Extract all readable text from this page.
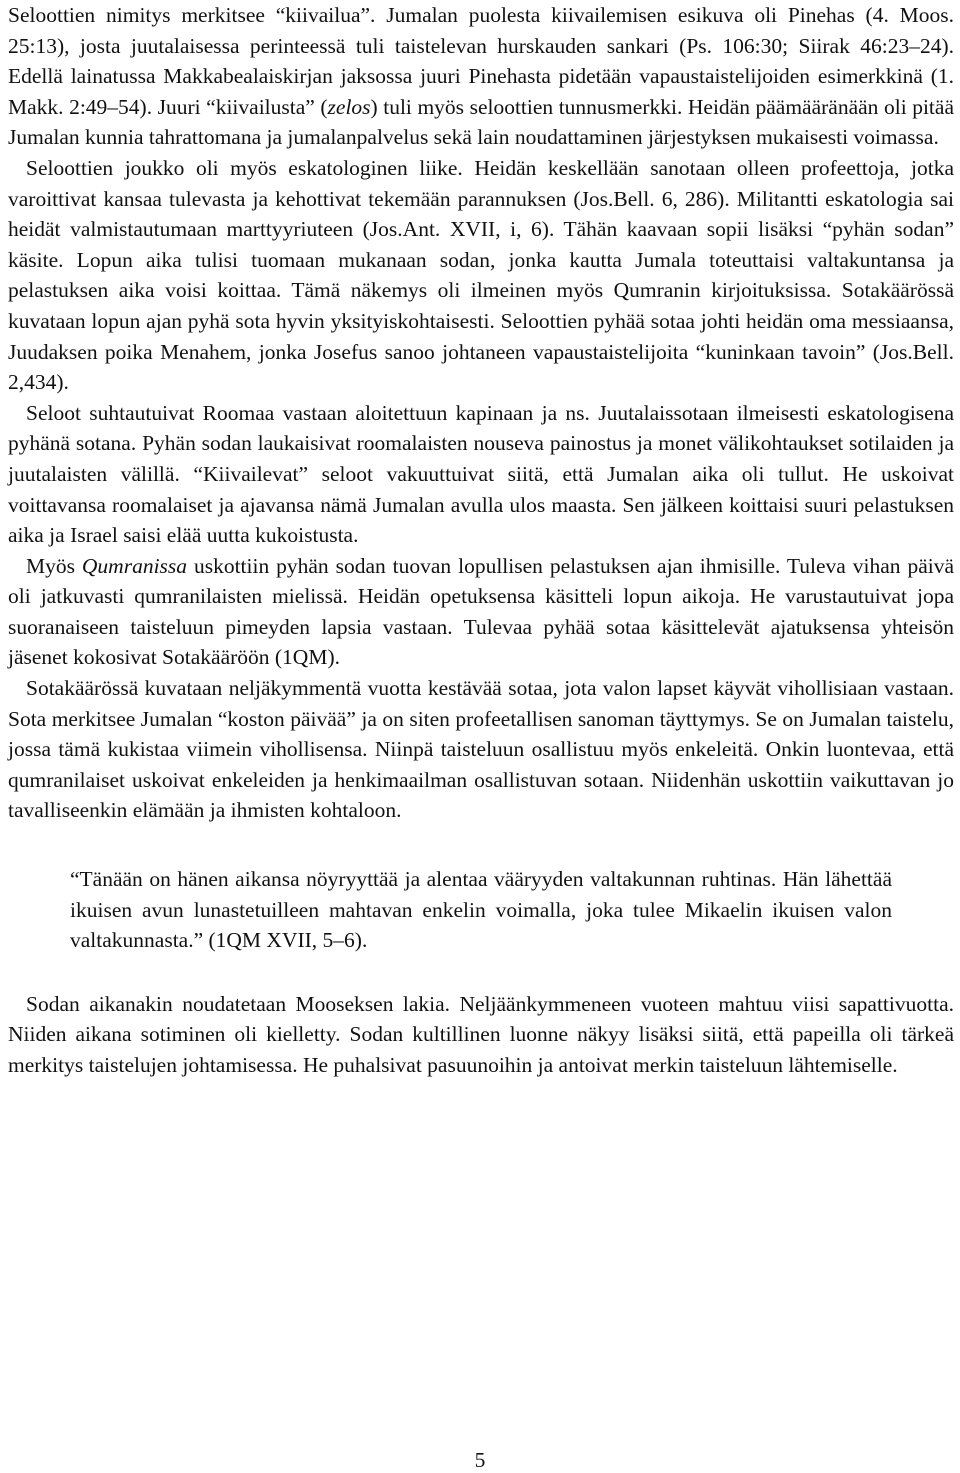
Seloottien nimitys merkitsee “kiivailua”. Jumalan puolesta kiivailemisen esikuva oli Pinehas (4. Moos. 25:13), josta juutalaisessa perinteessä tuli taistelevan hurskauden sankari (Ps. 106:30; Siirak 46:23–24). Edellä lainatussa Makkabealaiskirjan jaksossa juuri Pinehasta pidetään vapaustaistelijoiden esimerkkinä (1. Makk. 2:49–54). Juuri “kiivailusta” (zelos) tuli myös seloottien tunnusmerkki. Heidän päämääränään oli pitää Jumalan kunnia tahrattomana ja jumalanpalvelus sekä lain noudattaminen järjestyksen mukaisesti voimassa.

Seloottien joukko oli myös eskatologinen liike. Heidän keskellään sanotaan olleen profeettoja, jotka varoittivat kansaa tulevasta ja kehottivat tekemään parannuksen (Jos.Bell. 6, 286). Militantti eskatologia sai heidät valmistautumaan marttyyriuteen (Jos.Ant. XVII, i, 6). Tähän kaavaan sopii lisäksi “pyhän sodan” käsite. Lopun aika tulisi tuomaan mukanaan sodan, jonka kautta Jumala toteuttaisi valtakuntansa ja pelastuksen aika voisi koittaa. Tämä näkemys oli ilmeinen myös Qumranin kirjoituksissa. Sotakäärössä kuvataan lopun ajan pyhä sota hyvin yksityiskohtaisesti. Seloottien pyhää sotaa johti heidän oma messiaansa, Juudaksen poika Menahem, jonka Josefus sanoo johtaneen vapaustaistelijoita “kuninkaan tavoin” (Jos.Bell. 2,434).

Seloot suhtautuivat Roomaa vastaan aloitettuun kapinaan ja ns. Juutalaissotaan ilmeisesti eskatologisena pyhänä sotana. Pyhän sodan laukaisivat roomalaisten nouseva painostus ja monet välikohtaukset sotilaiden ja juutalaisten välillä. “Kiivailevat” seloot vakuuttuivat siitä, että Jumalan aika oli tullut. He uskoivat voittavansa roomalaiset ja ajavansa nämä Jumalan avulla ulos maasta. Sen jälkeen koittaisi suuri pelastuksen aika ja Israel saisi elää uutta kukoistusta.

Myös Qumranissa uskottiin pyhän sodan tuovan lopullisen pelastuksen ajan ihmisille. Tuleva vihan päivä oli jatkuvasti qumranilaisten mielissä. Heidän opetuksensa käsitteli lopun aikoja. He varustautuivat jopa suoranaiseen taisteluun pimeyden lapsia vastaan. Tulevaa pyhää sotaa käsittelevät ajatuksensa yhteisön jäsenet kokosivat Sotakääröön (1QM).

Sotakäärössä kuvataan neljäkymmentä vuotta kestävää sotaa, jota valon lapset käyvät vihollisiaan vastaan. Sota merkitsee Jumalan “koston päivää” ja on siten profeetallisen sanoman täyttymys. Se on Jumalan taistelu, jossa tämä kukistaa viimein vihollisensa. Niinpä taisteluun osallistuu myös enkeleitä. Onkin luontevaa, että qumranilaiset uskoivat enkeleiden ja henkimaailman osallistuvan sotaan. Niidenhän uskottiin vaikuttavan jo tavalliseenkin elämään ja ihmisten kohtaloon.

“Tänään on hänen aikansa nöyryyttää ja alentaa vääryyden valtakunnan ruhtinas. Hän lähettää ikuisen avun lunastetuilleen mahtavan enkelin voimalla, joka tulee Mikaelin ikuisen valon valtakunnasta.” (1QM XVII, 5–6).

Sodan aikanakin noudatetaan Mooseksen lakia. Neljäänkymmeneen vuoteen mahtuu viisi sapattivuotta. Niiden aikana sotiminen oli kielletty. Sodan kultillinen luonne näkyy lisäksi siitä, että papeilla oli tärkeä merkitys taistelujen johtamisessa. He puhalsivat pasuunoihin ja antoivat merkin taisteluun lähtemiselle.

5
